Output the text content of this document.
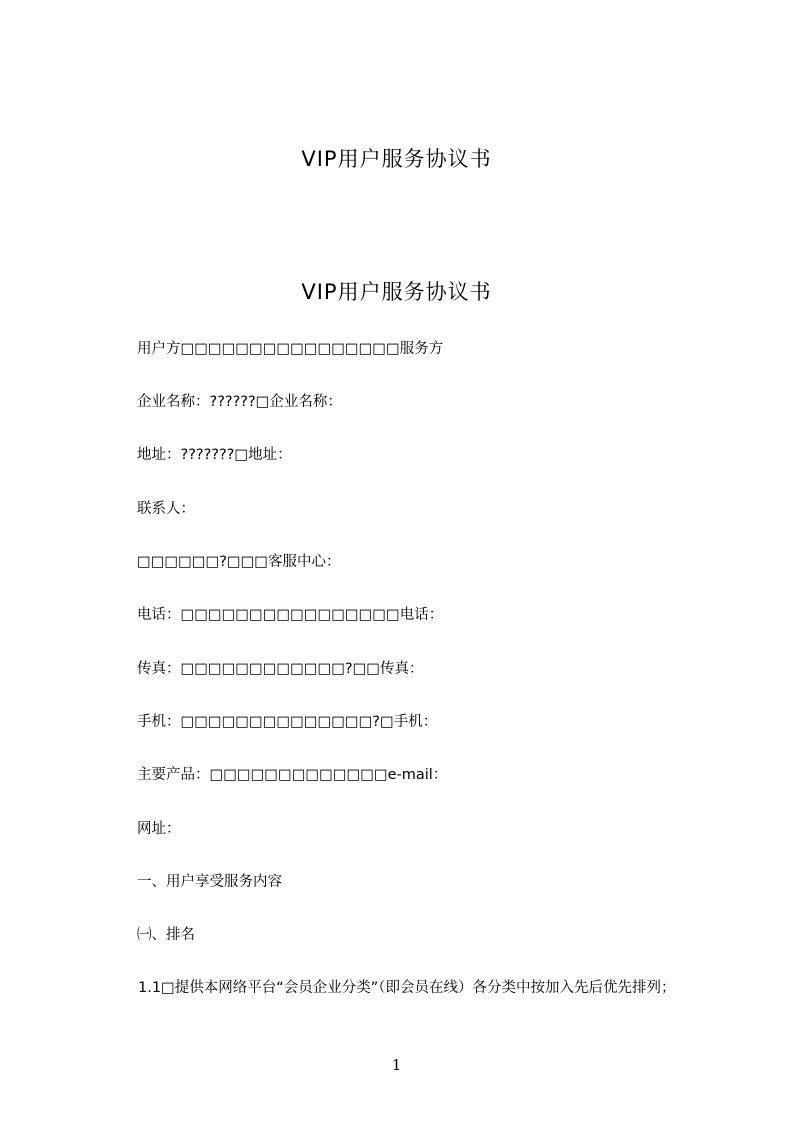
VIP用户服务协议书
VIP用户服务协议书
用户方□□□□□□□□□□□□□□□□服务方
企业名称：??????□企业名称：
地址：???????□地址：
联系人：
□□□□□□?□□□客服中心：
电话：□□□□□□□□□□□□□□□□电话：
传真：□□□□□□□□□□□□?□□传真：
手机：□□□□□□□□□□□□□□?□手机：
主要产品：□□□□□□□□□□□□□e-mail：
网址：
一、用户享受服务内容
㈠、排名
1.1□提供本网络平台“会员企业分类”（即会员在线）各分类中按加入先后优先排列；
1
